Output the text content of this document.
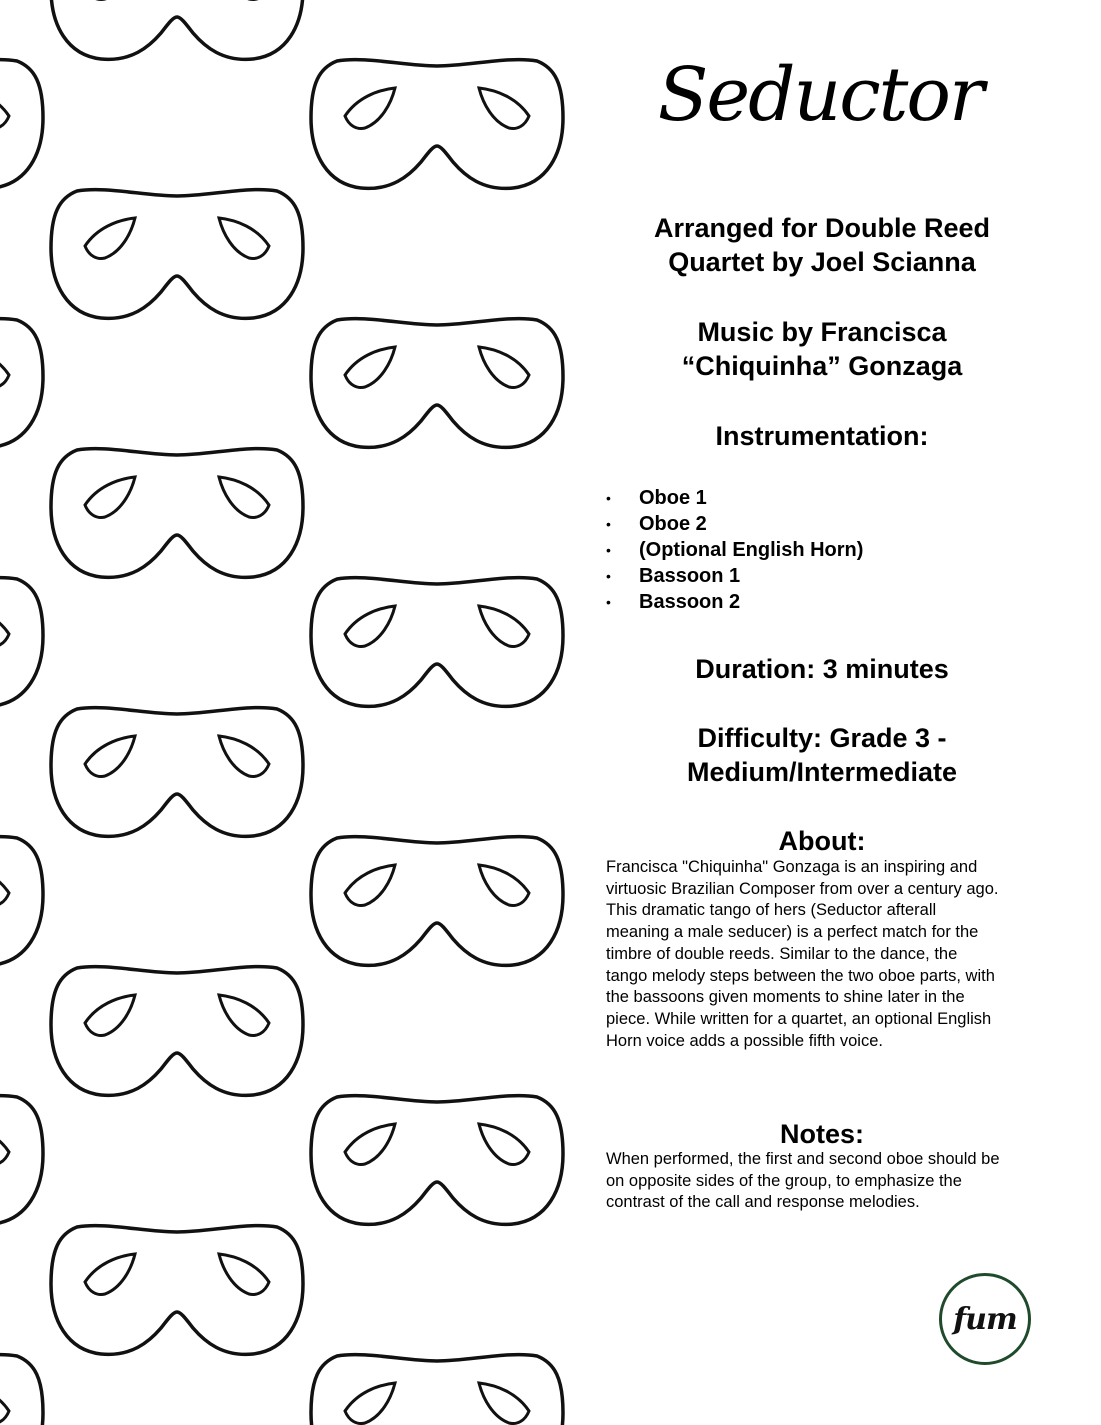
Seductor
Arranged for Double Reed
Quartet by Joel Scianna
Music by Francisca
“Chiquinha” Gonzaga
Instrumentation:
• Oboe 1
• Oboe 2
• (Optional English Horn)
• Bassoon 1
• Bassoon 2
Duration: 3 minutes
Difficulty: Grade 3 -
Medium/Intermediate
About:
Francisca "Chiquinha" Gonzaga is an inspiring and
virtuosic Brazilian Composer from over a century ago.
This dramatic tango of hers (Seductor afterall
meaning a male seducer) is a perfect match for the
timbre of double reeds. Similar to the dance, the
tango melody steps between the two oboe parts, with
the bassoons given moments to shine later in the
piece. While written for a quartet, an optional English
Horn voice adds a possible fifth voice.
Notes:
When performed, the first and second oboe should be
on opposite sides of the group, to emphasize the
contrast of the call and response melodies.
fum
